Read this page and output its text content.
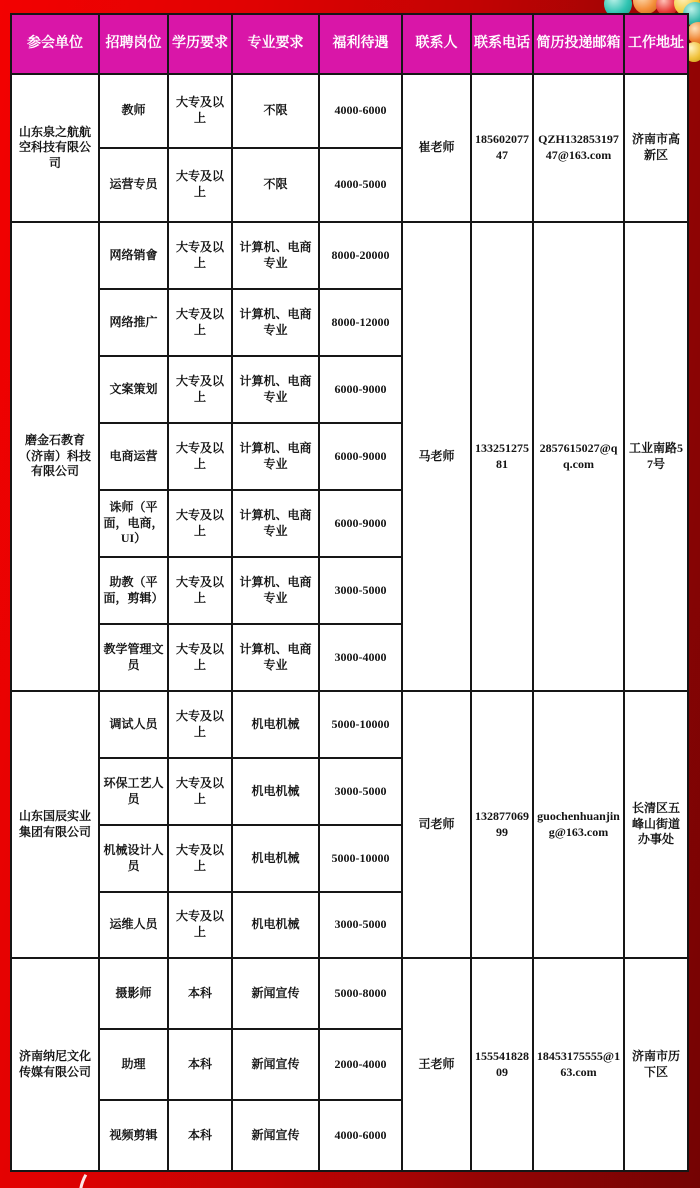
参会单位	招聘岗位	学历要求	专业要求	福利待遇	联系人	联系电话	简历投递邮箱	工作地址
山东泉之航航空科技有限公司	教师	大专及以上	不限	4000-6000	崔老师	18560207747	QZH13285319747@163.com	济南市高新区
	运营专员	大专及以上	不限	4000-5000				
磨金石教育（济南）科技有限公司	网络销會	大专及以上	计算机、电商专业	8000-20000	马老师	13325127581	2857615027@qq.com	工业南路57号
	网络推广	大专及以上	计算机、电商专业	8000-12000				
	文案策划	大专及以上	计算机、电商专业	6000-9000				
	电商运营	大专及以上	计算机、电商专业	6000-9000				
	诛师（平面，电商，UI）	大专及以上	计算机、电商专业	6000-9000				
	助教（平面，剪辑）	大专及以上	计算机、电商专业	3000-5000				
	教学管理文员	大专及以上	计算机、电商专业	3000-4000				
山东国辰实业集团有限公司	调试人员	大专及以上	机电机械	5000-10000	司老师	13287706999	guochenhuanjing@163.com	长清区五峰山街道办事处
	环保工艺人员	大专及以上	机电机械	3000-5000				
	机械设计人员	大专及以上	机电机械	5000-10000				
	运维人员	大专及以上	机电机械	3000-5000				
济南纳尼文化传媒有限公司	摄影师	本科	新闻宣传	5000-8000	王老师	15554182809	18453175555@163.com	济南市历下区
	助理	本科	新闻宣传	2000-4000				
	视频剪辑	本科	新闻宣传	4000-6000				
